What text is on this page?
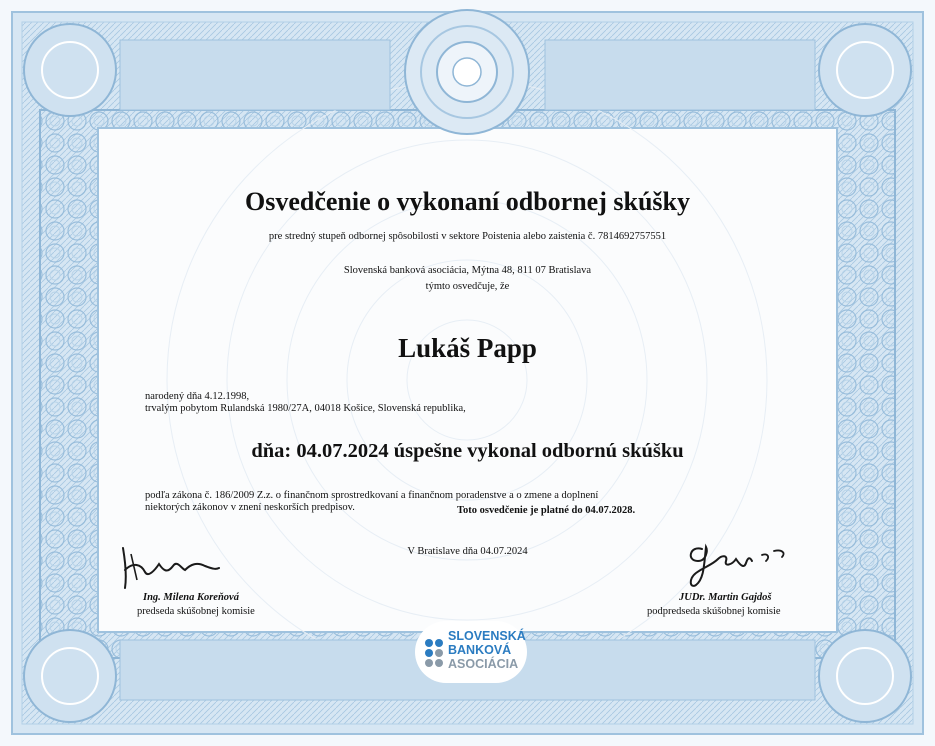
Osvedčenie o vykonaní odbornej skúšky
pre stredný stupeň odbornej spôsobilosti v sektore Poistenia alebo zaistenia č. 7814692757551
Slovenská banková asociácia, Mýtna 48, 811 07 Bratislava
týmto osvedčuje, že
Lukáš Papp
narodený dňa 4.12.1998,
trvalým pobytom Rulandská 1980/27A, 04018 Košice, Slovenská republika,
dňa: 04.07.2024 úspešne vykonal odbornú skúšku
podľa zákona č. 186/2009 Z.z. o finančnom sprostredkovaní a finančnom poradenstve a o zmene a doplnení
niektorých zákonov v znení neskorších predpisov.	Toto osvedčenie je platné do 04.07.2028.
V Bratislave dňa 04.07.2024
Ing. Milena Koreňová
predseda skúšobnej komisie
JUDr. Martin Gajdoš
podpredseda skúšobnej komisie
SLOVENSKÁ
BANKOVÁ
ASOCIÁCIA
